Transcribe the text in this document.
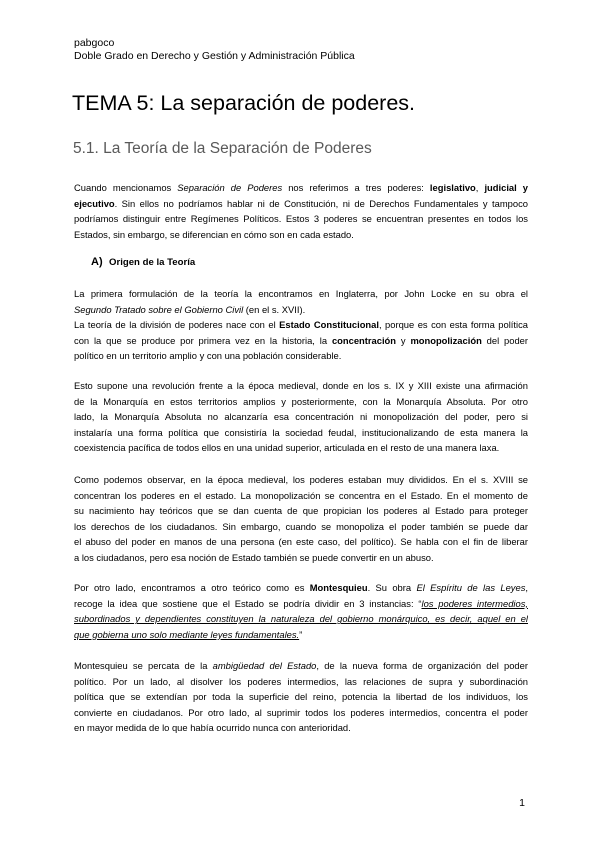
pabgoco
Doble Grado en Derecho y Gestión y Administración Pública
TEMA 5: La separación de poderes.
5.1. La Teoría de la Separación de Poderes
Cuando mencionamos Separación de Poderes nos referimos a tres poderes: legislativo, judicial y
ejecutivo. Sin ellos no podríamos hablar ni de Constitución, ni de Derechos Fundamentales y tampoco
podríamos distinguir entre Regímenes Políticos. Estos 3 poderes se encuentran presentes en todos los
Estados, sin embargo, se diferencian en cómo son en cada estado.
A) Origen de la Teoría
La primera formulación de la teoría la encontramos en Inglaterra, por John Locke en su obra el
Segundo Tratado sobre el Gobierno Civil (en el s. XVII).
La teoría de la división de poderes nace con el Estado Constitucional, porque es con esta forma política
con la que se produce por primera vez en la historia, la concentración y monopolización del poder
político en un territorio amplio y con una población considerable.
Esto supone una revolución frente a la época medieval, donde en los s. IX y XIII existe una afirmación
de la Monarquía en estos territorios amplios y posteriormente, con la Monarquía Absoluta. Por otro
lado, la Monarquía Absoluta no alcanzaría esa concentración ni monopolización del poder, pero si
instalaría una forma política que consistiría la sociedad feudal, institucionalizando de esta manera la
coexistencia pacífica de todos ellos en una unidad superior, articulada en el resto de una manera laxa.
Como podemos observar, en la época medieval, los poderes estaban muy divididos. En el s. XVIII se
concentran los poderes en el estado. La monopolización se concentra en el Estado. En el momento de
su nacimiento hay teóricos que se dan cuenta de que propician los poderes al Estado para proteger
los derechos de los ciudadanos. Sin embargo, cuando se monopoliza el poder también se puede dar
el abuso del poder en manos de una persona (en este caso, del político). Se habla con el fin de liberar
a los ciudadanos, pero esa noción de Estado también se puede convertir en un abuso.
Por otro lado, encontramos a otro teórico como es Montesquieu. Su obra El Espíritu de las Leyes,
recoge la idea que sostiene que el Estado se podría dividir en 3 instancias: “los poderes intermedios,
subordinados y dependientes constituyen la naturaleza del gobierno monárquico, es decir, aquel en el
que gobierna uno solo mediante leyes fundamentales.”
Montesquieu se percata de la ambigüedad del Estado, de la nueva forma de organización del poder
político. Por un lado, al disolver los poderes intermedios, las relaciones de supra y subordinación
política que se extendían por toda la superficie del reino, potencia la libertad de los individuos, los
convierte en ciudadanos. Por otro lado, al suprimir todos los poderes intermedios, concentra el poder
en mayor medida de lo que había ocurrido nunca con anterioridad.
1
